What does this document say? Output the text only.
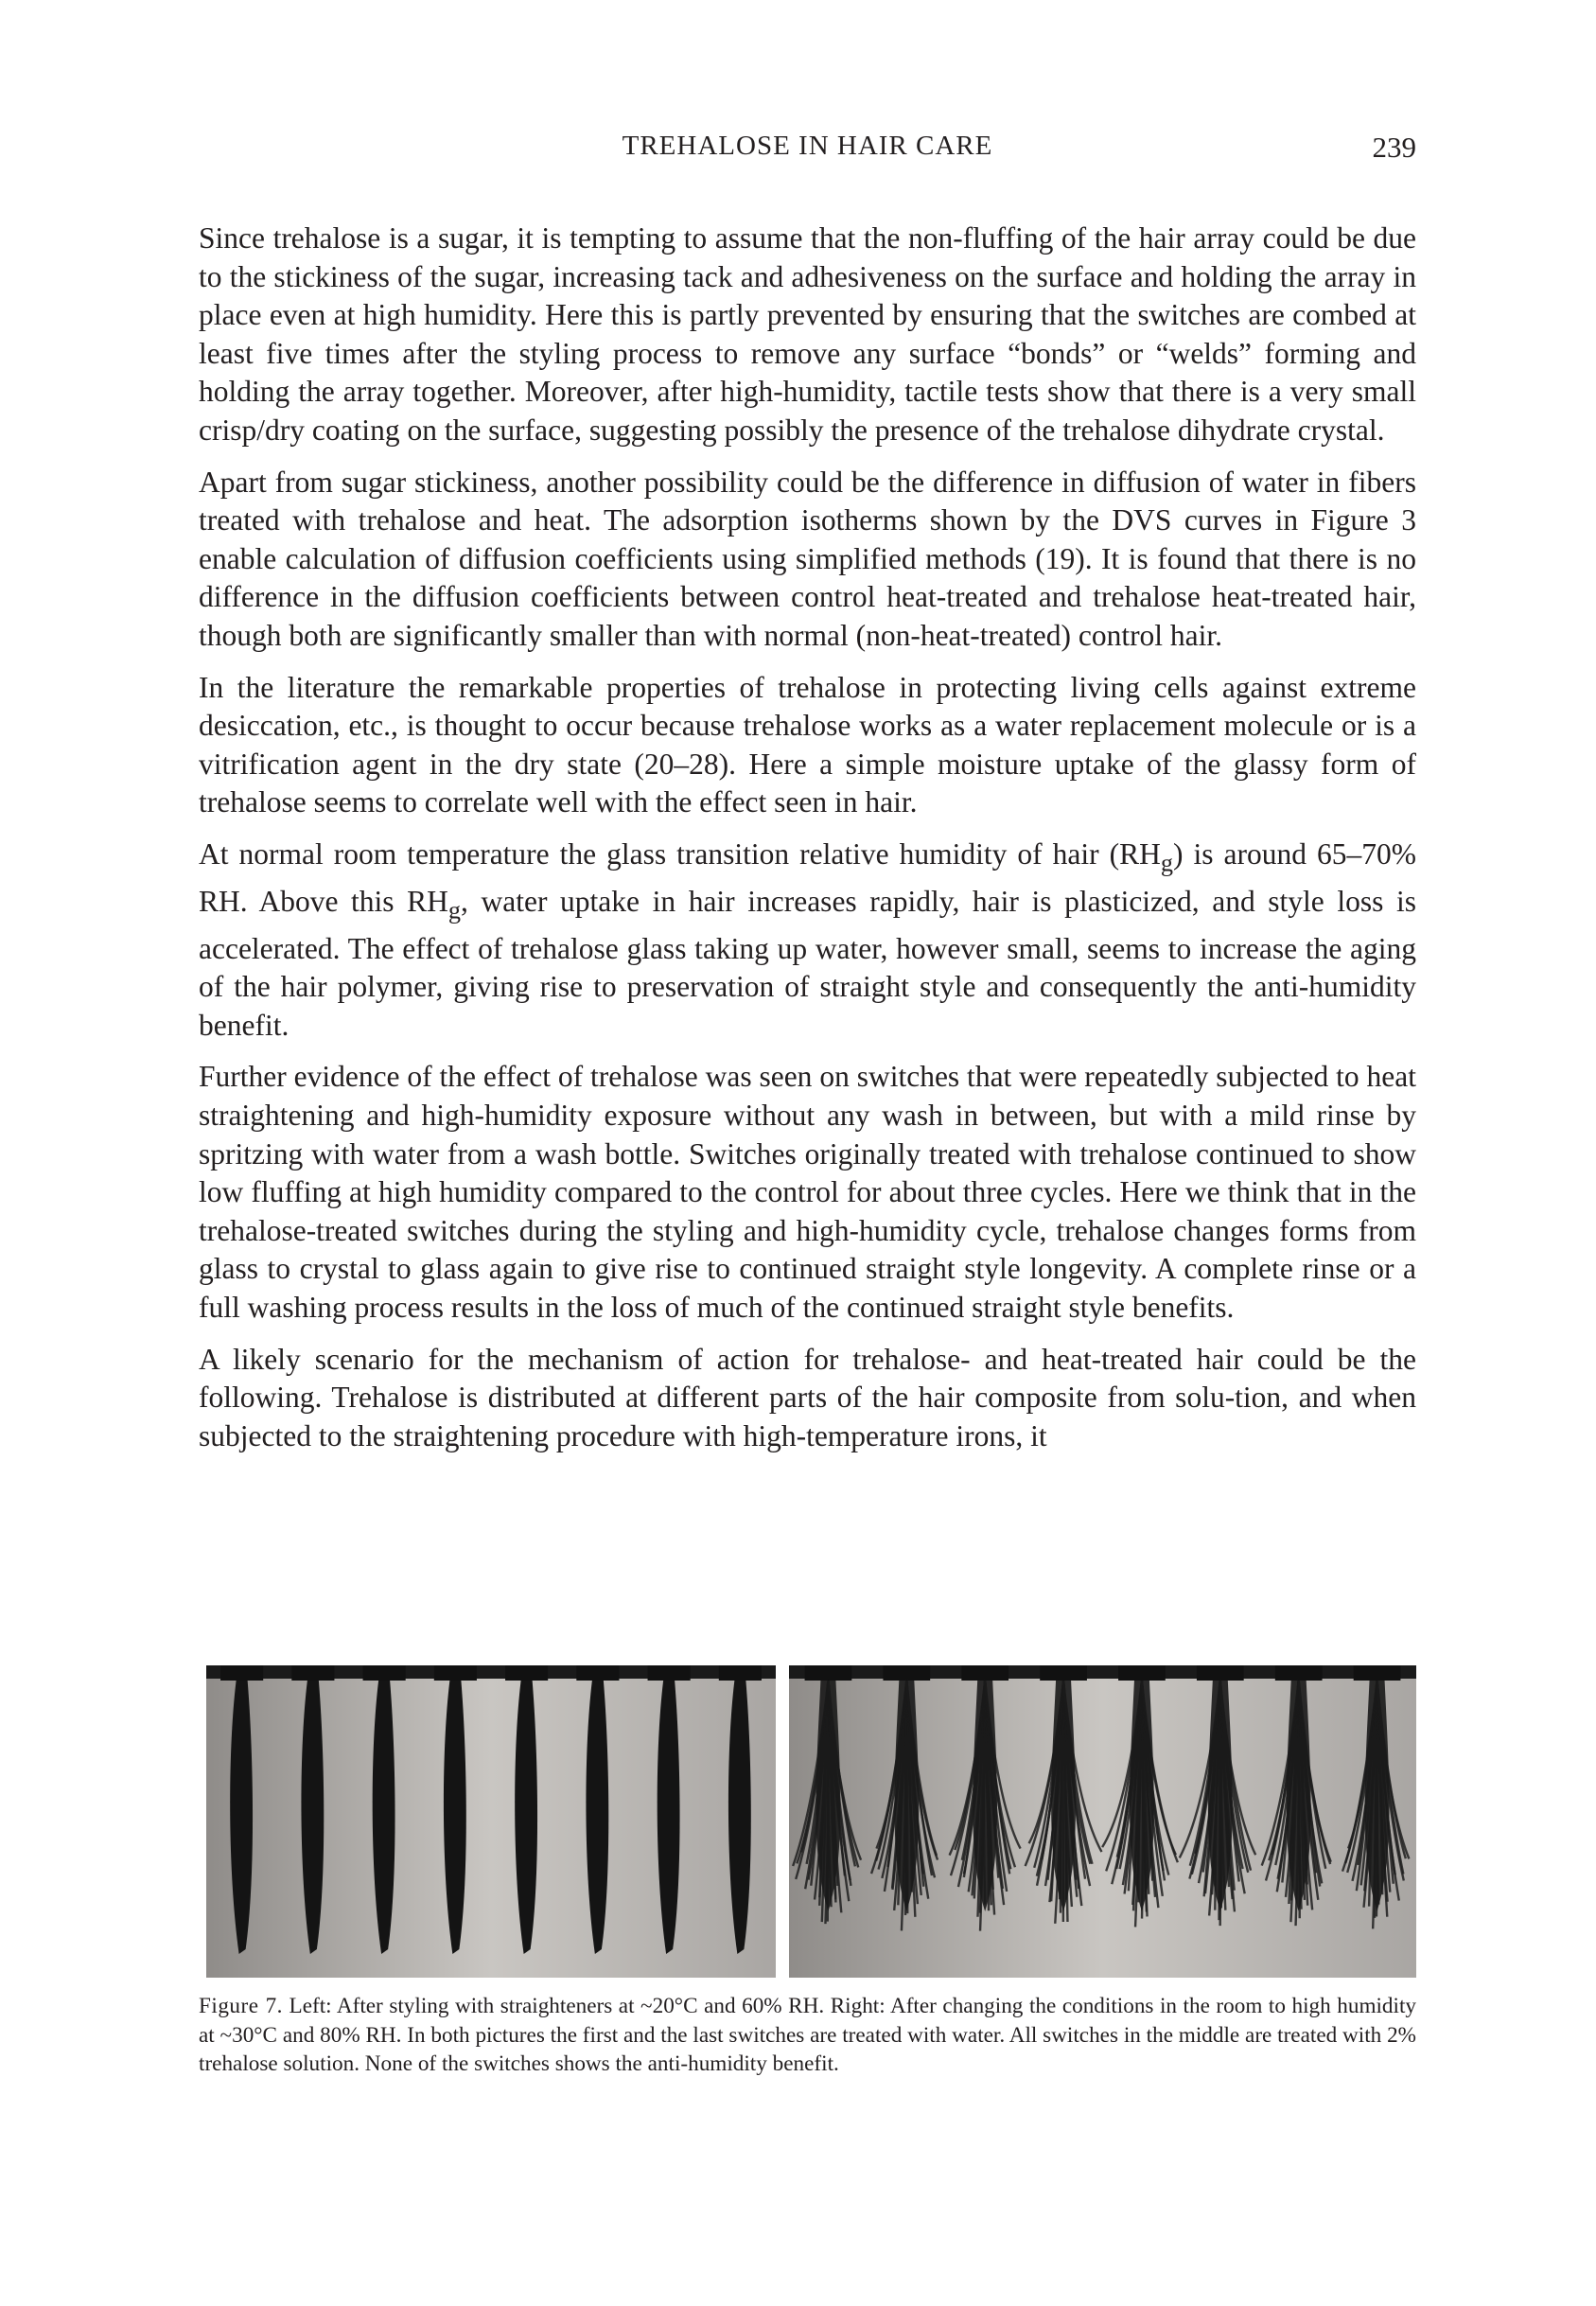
TREHALOSE IN HAIR CARE	239

Since trehalose is a sugar, it is tempting to assume that the non-fluffing of the hair array could be due to the stickiness of the sugar, increasing tack and adhesiveness on the surface and holding the array in place even at high humidity. Here this is partly prevented by ensuring that the switches are combed at least five times after the styling process to remove any surface “bonds” or “welds” forming and holding the array together. Moreover, after high-humidity, tactile tests show that there is a very small crisp/dry coating on the surface, suggesting possibly the presence of the trehalose dihydrate crystal.

Apart from sugar stickiness, another possibility could be the difference in diffusion of water in fibers treated with trehalose and heat. The adsorption isotherms shown by the DVS curves in Figure 3 enable calculation of diffusion coefficients using simplified methods (19). It is found that there is no difference in the diffusion coefficients between control heat-treated and trehalose heat-treated hair, though both are significantly smaller than with normal (non-heat-treated) control hair.

In the literature the remarkable properties of trehalose in protecting living cells against extreme desiccation, etc., is thought to occur because trehalose works as a water replacement molecule or is a vitrification agent in the dry state (20–28). Here a simple moisture uptake of the glassy form of trehalose seems to correlate well with the effect seen in hair.

At normal room temperature the glass transition relative humidity of hair $(RH_g)$ is around 65–70% RH. Above this $RH_g$, water uptake in hair increases rapidly, hair is plasticized, and style loss is accelerated. The effect of trehalose glass taking up water, however small, seems to increase the aging of the hair polymer, giving rise to preservation of straight style and consequently the anti-humidity benefit.

Further evidence of the effect of trehalose was seen on switches that were repeatedly subjected to heat straightening and high-humidity exposure without any wash in between, but with a mild rinse by spritzing with water from a wash bottle. Switches originally treated with trehalose continued to show low fluffing at high humidity compared to the control for about three cycles. Here we think that in the trehalose-treated switches during the styling and high-humidity cycle, trehalose changes forms from glass to crystal to glass again to give rise to continued straight style longevity. A complete rinse or a full washing process results in the loss of much of the continued straight style benefits.

A likely scenario for the mechanism of action for trehalose- and heat-treated hair could be the following. Trehalose is distributed at different parts of the hair composite from solu-tion, and when subjected to the straightening procedure with high-temperature irons, it

Figure 7. Left: After styling with straighteners at ~20°C and 60% RH. Right: After changing the conditions in the room to high humidity at ~30°C and 80% RH. In both pictures the first and the last switches are treated with water. All switches in the middle are treated with 2% trehalose solution. None of the switches shows the anti-humidity benefit.
